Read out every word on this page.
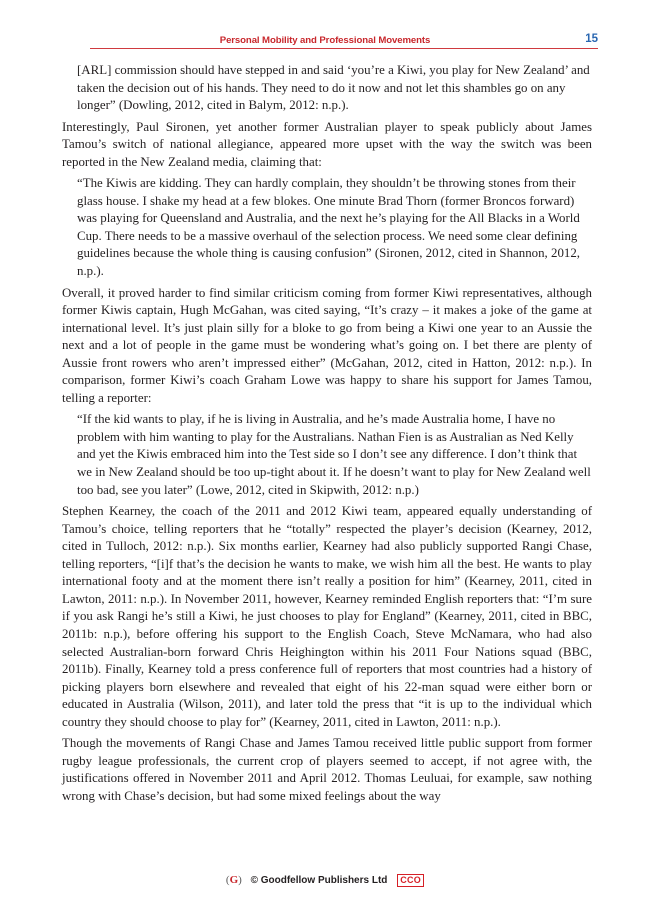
Personal Mobility and Professional Movements	15

[ARL] commission should have stepped in and said ‘you’re a Kiwi, you play for New Zealand’ and taken the decision out of his hands. They need to do it now and not let this shambles go on any longer” (Dowling, 2012, cited in Balym, 2012: n.p.).

Interestingly, Paul Sironen, yet another former Australian player to speak publicly about James Tamou’s switch of national allegiance, appeared more upset with the way the switch was been reported in the New Zealand media, claiming that:

“The Kiwis are kidding. They can hardly complain, they shouldn’t be throwing stones from their glass house. I shake my head at a few blokes. One minute Brad Thorn (former Broncos forward) was playing for Queensland and Australia, and the next he’s playing for the All Blacks in a World Cup. There needs to be a massive overhaul of the selection process. We need some clear defining guidelines because the whole thing is causing confusion” (Sironen, 2012, cited in Shannon, 2012, n.p.).

Overall, it proved harder to find similar criticism coming from former Kiwi representatives, although former Kiwis captain, Hugh McGahan, was cited saying, “It’s crazy – it makes a joke of the game at international level. It’s just plain silly for a bloke to go from being a Kiwi one year to an Aussie the next and a lot of people in the game must be wondering what’s going on. I bet there are plenty of Aussie front rowers who aren’t impressed either” (McGahan, 2012, cited in Hatton, 2012: n.p.). In comparison, former Kiwi’s coach Graham Lowe was happy to share his support for James Tamou, telling a reporter:

“If the kid wants to play, if he is living in Australia, and he’s made Australia home, I have no problem with him wanting to play for the Australians. Nathan Fien is as Australian as Ned Kelly and yet the Kiwis embraced him into the Test side so I don’t see any difference. I don’t think that we in New Zealand should be too up-tight about it. If he doesn’t want to play for New Zealand well too bad, see you later” (Lowe, 2012, cited in Skipwith, 2012: n.p.)

Stephen Kearney, the coach of the 2011 and 2012 Kiwi team, appeared equally understanding of Tamou’s choice, telling reporters that he “totally” respected the player’s decision (Kearney, 2012, cited in Tulloch, 2012: n.p.). Six months earlier, Kearney had also publicly supported Rangi Chase, telling reporters, “[i]f that’s the decision he wants to make, we wish him all the best. He wants to play international footy and at the moment there isn’t really a position for him” (Kearney, 2011, cited in Lawton, 2011: n.p.). In November 2011, however, Kearney reminded English reporters that: “I’m sure if you ask Rangi he’s still a Kiwi, he just chooses to play for England” (Kearney, 2011, cited in BBC, 2011b: n.p.), before offering his support to the English Coach, Steve McNamara, who had also selected Australian-born forward Chris Heighington within his 2011 Four Nations squad (BBC, 2011b). Finally, Kearney told a press conference full of reporters that most countries had a history of picking players born elsewhere and revealed that eight of his 22-man squad were either born or educated in Australia (Wilson, 2011), and later told the press that “it is up to the individual which country they should choose to play for” (Kearney, 2011, cited in Lawton, 2011: n.p.).

Though the movements of Rangi Chase and James Tamou received little public support from former rugby league professionals, the current crop of players seemed to accept, if not agree with, the justifications offered in November 2011 and April 2012. Thomas Leuluai, for example, saw nothing wrong with Chase’s decision, but had some mixed feelings about the way

(G) © Goodfellow Publishers Ltd CCO
